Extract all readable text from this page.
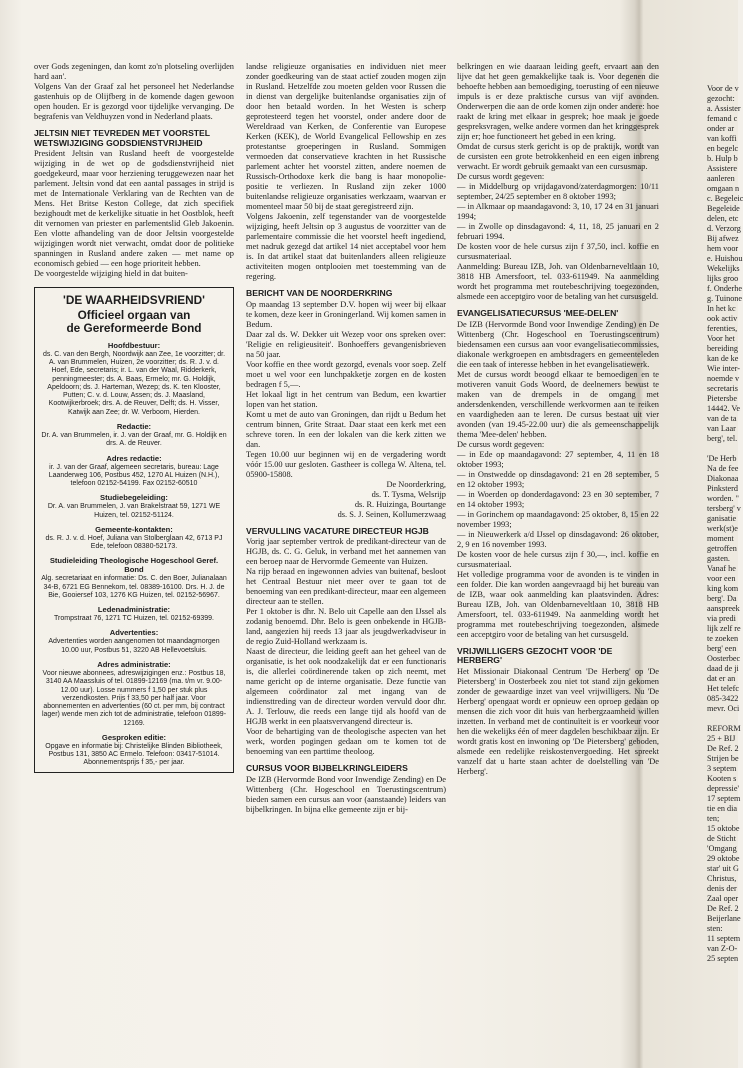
over Gods zegeningen, dan komt zo'n plotseling overlijden hard aan'.

Volgens Van der Graaf zal het personeel het Nederlandse gastenhuis op de Olijfberg in de komende dagen gewoon open houden. Er is gezorgd voor tijdelijke vervanging. De begrafenis van Veldhuyzen vond in Nederland plaats.

JELTSIN NIET TEVREDEN MET VOORSTEL WETSWIJZIGING GODSDIENSTVRIJHEID

President Jeltsin van Rusland heeft de voorgestelde wijziging in de wet op de godsdienstvrijheid niet goedgekeurd, maar voor herziening teruggewezen naar het parlement. Jeltsin vond dat een aantal passages in strijd is met de Internationale Verklaring van de Rechten van de Mens. Het Britse Keston College, dat zich specifiek bezighoudt met de kerkelijke situatie in het Oostblok, heeft dit vernomen van priester en parlementslid Gleb Jakoenin. Een vlotte afhandeling van de door Jeltsin voorgestelde wijzigingen wordt niet verwacht, omdat door de politieke spanningen in Rusland andere zaken — met name op economisch gebied — een hoge prioriteit hebben.

De voorgestelde wijziging hield in dat buiten-

'DE WAARHEIDSVRIEND'
Officieel orgaan van
de Gereformeerde Bond
Hoofdbestuur:

ds. C. van den Bergh, Noordwijk aan Zee, 1e voorzitter; dr. A. van Brummelen, Huizen, 2e voorzitter; ds. R. J. v. d. Hoef, Ede, secretaris; ir. L. van der Waal, Ridderkerk, penningmeester; ds. A. Baas, Ermelo; mr. G. Holdijk, Apeldoorn; ds. J. Harteman, Wezep; ds. K. ten Klooster, Putten; C. v. d. Louw, Assen; ds. J. Maasland, Kootwijkerbroek; drs. A. de Reuver, Delft; ds. H. Visser, Katwijk aan Zee; dr. W. Verboom, Hierden.

Redactie:

Dr. A. van Brummelen, ir. J. van der Graaf, mr. G. Holdijk en drs. A. de Reuver.

Adres redactie:

ir. J. van der Graaf, algemeen secretaris, bureau: Lage Laanderweg 106, Postbus 452, 1270 AL Huizen (N.H.), telefoon 02152-54199. Fax 02152-60510

Studiebegeleiding:

Dr. A. van Brummelen, J. van Brakelstraat 59, 1271 WE Huizen, tel. 02152-51124.

Gemeente-kontakten:

ds. R. J. v. d. Hoef, Juliana van Stolberglaan 42, 6713 PJ Ede, telefoon 08380-52173.

Studieleiding Theologische Hogeschool Geref. Bond

Alg. secretariaat en informatie: Ds. C. den Boer, Julianalaan 34-B, 6721 EG Bennekom, tel. 08389-16100. Drs. H. J. de Bie, Gooiersef 103, 1276 KG Huizen, tel. 02152-56967.

Ledenadministratie:

Trompstraat 76, 1271 TC Huizen, tel. 02152-69399.

Advertenties:

Advertenties worden aangenomen tot maandagmorgen 10.00 uur, Postbus 51, 3220 AB Hellevoetsluis.

Adres administratie:

Voor nieuwe abonnees, adreswijzigingen enz.: Postbus 18, 3140 AA Maassluis of tel. 01899-12169 (ma. t/m vr. 9.00-12.00 uur). Losse nummers f 1,50 per stuk plus verzendkosten. Prijs f 33,50 per half jaar. Voor abonnementen en advertenties (60 ct. per mm, bij contract lager) wende men zich tot de administratie, telefoon 01899-12169.

Gesproken editie:

Opgave en informatie bij: Christelijke Blinden Bibliotheek, Postbus 131, 3850 AC Ermelo. Telefoon: 03417-51014. Abonnementsprijs f 35,- per jaar.

landse religieuze organisaties en individuen niet meer zonder goedkeuring van de staat actief zouden mogen zijn in Rusland. Hetzelfde zou moeten gelden voor Russen die in dienst van dergelijke buitenlandse organisaties zijn of door hen betaald worden. In het Westen is scherp geprotesteerd tegen het voorstel, onder andere door de Wereldraad van Kerken, de Conferentie van Europese Kerken (KEK), de World Evangelical Fellowship en zes protestantse groeperingen in Rusland. Sommigen vermoeden dat conservatieve krachten in het Russische parlement achter het voorstel zitten, andere noemen de Russisch-Orthodoxe kerk die bang is haar monopolie-positie te verliezen. In Rusland zijn zeker 1000 buitenlandse religieuze organisaties werkzaam, waarvan er momenteel maar 50 bij de staat geregistreerd zijn.

Volgens Jakoenin, zelf tegenstander van de voorgestelde wijziging, heeft Jeltsin op 3 augustus de voorzitter van de parlementaire commissie die het voorstel heeft ingediend, met nadruk gezegd dat artikel 14 niet acceptabel voor hem is. In dat artikel staat dat buitenlanders alleen religieuze activiteiten mogen ontplooien met toestemming van de regering.

BERICHT VAN DE NOORDERKRING

Op maandag 13 september D.V. hopen wij weer bij elkaar te komen, deze keer in Groningerland. Wij komen samen in Bedum.

Daar zal ds. W. Dekker uit Wezep voor ons spreken over: 'Religie en religieusiteit'. Bonhoeffers gevangenisbrieven na 50 jaar.

Voor koffie en thee wordt gezorgd, evenals voor soep. Zelf moet u wel voor een lunchpakketje zorgen en de kosten bedragen f 5,—.

Het lokaal ligt in het centrum van Bedum, een kwartier lopen van het station.

Komt u met de auto van Groningen, dan rijdt u Bedum het centrum binnen, Grite Straat. Daar staat een kerk met een schreve toren. In een der lokalen van die kerk zitten we dan.

Tegen 10.00 uur beginnen wij en de vergadering wordt vóór 15.00 uur gesloten. Gastheer is collega W. Altena, tel. 05900-15808.

De Noorderkring,

ds. T. Tysma, Welsrijp

ds. R. Huizinga, Bourtange

ds. S. J. Seinen, Kollumerzwaag

VERVULLING VACATURE DIRECTEUR HGJB

Vorig jaar september vertrok de predikant-directeur van de HGJB, ds. C. G. Geluk, in verband met het aannemen van een beroep naar de Hervormde Gemeente van Huizen.

Na rijp beraad en ingewonnen advies van buitenaf, besloot het Centraal Bestuur niet meer over te gaan tot de benoeming van een predikant-directeur, maar een algemeen directeur aan te stellen.

Per 1 oktober is dhr. N. Belo uit Capelle aan den IJssel als zodanig benoemd. Dhr. Belo is geen onbekende in HGJB-land, aangezien hij reeds 13 jaar als jeugdwerkadviseur in de regio Zuid-Holland werkzaam is.

Naast de directeur, die leiding geeft aan het geheel van de organisatie, is het ook noodzakelijk dat er een functionaris is, die allerlei coördinerende taken op zich neemt, met name gericht op de interne organisatie. Deze functie van algemeen coördinator zal met ingang van de indiensttreding van de directeur worden vervuld door dhr. A. J. Terlouw, die reeds een lange tijd als hoofd van de HGJB werkt in een plaatsvervangend directeur is.

Voor de behartiging van de theologische aspecten van het werk, worden pogingen gedaan om te komen tot de benoeming van een parttime theoloog.

CURSUS VOOR BIJBELKRINGLEIDERS

De IZB (Hervormde Bond voor Inwendige Zending) en De Wittenberg (Chr. Hogeschool en Toerustingscentrum) bieden samen een cursus aan voor (aanstaande) leiders van bijbelkringen. In bijna elke gemeente zijn er bij-

belkringen en wie daaraan leiding geeft, ervaart aan den lijve dat het geen gemakkelijke taak is. Voor degenen die behoefte hebben aan bemoediging, toerusting of een nieuwe impuls is er deze praktische cursus van vijf avonden. Onderwerpen die aan de orde komen zijn onder andere: hoe raakt de kring met elkaar in gesprek; hoe maak je goede gespreksvragen, welke andere vormen dan het kringgesprek zijn er; hoe functioneert het gebed in een kring.

Omdat de cursus sterk gericht is op de praktijk, wordt van de cursisten een grote betrokkenheid en een eigen inbreng verwacht. Er wordt gebruik gemaakt van een cursusmap.

De cursus wordt gegeven:

— in Middelburg op vrijdagavond/zaterdagmorgen: 10/11 september, 24/25 september en 8 oktober 1993;

— in Alkmaar op maandagavond: 3, 10, 17 24 en 31 januari 1994;

— in Zwolle op dinsdagavond: 4, 11, 18, 25 januari en 2 februari 1994.

De kosten voor de hele cursus zijn f 37,50, incl. koffie en cursusmateriaal.

Aanmelding: Bureau IZB, Joh. van Oldenbarneveltlaan 10, 3818 HB Amersfoort, tel. 033-611949. Na aanmelding wordt het programma met routebeschrijving toegezonden, alsmede een acceptgiro voor de betaling van het cursusgeld.

EVANGELISATIECURSUS 'MEE-DELEN'

De IZB (Hervormde Bond voor Inwendige Zending) en De Wittenberg (Chr. Hogeschool en Toerustingscentrum) biedensamen een cursus aan voor evangelisatiecommissies, diakonale werkgroepen en ambtsdragers en gemeenteleden die een taak of interesse hebben in het evangelisatiewerk.

Met de cursus wordt beoogd elkaar te bemoedigen en te motiveren vanuit Gods Woord, de deelnemers bewust te maken van de drempels in de omgang met andersdenkenden, verschillende werkvormen aan te reiken en vaardigheden aan te leren. De cursus bestaat uit vier avonden (van 19.45-22.00 uur) die als gemeenschappelijk thema 'Mee-delen' hebben.

De cursus wordt gegeven:

— in Ede op maandagavond: 27 september, 4, 11 en 18 oktober 1993;

— in Onstwedde op dinsdagavond: 21 en 28 september, 5 en 12 oktober 1993;

— in Woerden op donderdagavond: 23 en 30 september, 7 en 14 oktober 1993;

— in Gorinchem op maandagavond: 25 oktober, 8, 15 en 22 november 1993;

— in Nieuwerkerk a/d IJssel op dinsdagavond: 26 oktober, 2, 9 en 16 november 1993.

De kosten voor de hele cursus zijn f 30,—, incl. koffie en cursusmateriaal.

Het volledige programma voor de avonden is te vinden in een folder. Die kan worden aangevraagd bij het bureau van de IZB, waar ook aanmelding kan plaatsvinden. Adres: Bureau IZB, Joh. van Oldenbarneveltlaan 10, 3818 HB Amersfoort, tel. 033-611949. Na aanmelding wordt het programma met routebeschrijving toegezonden, alsmede een acceptgiro voor de betaling van het cursusgeld.

VRIJWILLIGERS GEZOCHT VOOR 'DE HERBERG'

Het Missionair Diakonaal Centrum 'De Herberg' op 'De Pietersberg' in Oosterbeek zou niet tot stand zijn gekomen zonder de gewaardige inzet van veel vrijwilligers. Nu 'De Herberg' opengaat wordt er opnieuw een oproep gedaan op mensen die zich voor dit huis van herbergzaamheid willen inzetten. In verband met de continuïteit is er voorkeur voor hen die wekelijks één of meer dagdelen beschikbaar zijn. Er wordt gratis kost en inwoning op 'De Pietersberg' geboden, alsmede een redelijke reiskostenvergoeding. Het spreekt vanzelf dat u harte staan achter de doelstelling van 'De Herberg'.

Voor de v
gezocht:
a. Assister
femand c
onder ar
van koffi
en begelc
b. Hulp b
Assistere
aanleren
omgaan n
c. Begeleic
Begeleide
delen, etc
d. Verzorg
Bij afwez
hem voor
e. Huishou
Wekelijks
lijks groo
f. Onderhe
g. Tuinone
In het kc
ook activ
ferenties,
Voor het
bereiding
kan de ke
Wie inter-
noemde v
secretaris
Pietersbe
14442. Ve
van de ta
van Laar
berg', tel.
'De Herb
Na de fee
Diakonaa
Pinksterd
worden. "
tersberg' v
ganisatie
werk(st)e
moment
getroffen
gasten.
Vanaf he
voor een
king kom
berg'. Da
aanspreek
via predi
lijk zelf re
te zoeken
berg' een
Oosterbec
daad de ji
dat er an
Het telefc
085-3422
mevr. Oci
REFORM
25 + BIJ
De Ref. 2
Strijen be
3 septem
Kooten s
depressie'
17 septem
tie en dia
ten;
15 oktobe
de Sticht
'Omgang
29 oktobe
star' uit G
Christus,
denis der
Zaal oper
De Ref. 2
Beijerlane
sten:
11 septem
van Z-O-
25 septen
